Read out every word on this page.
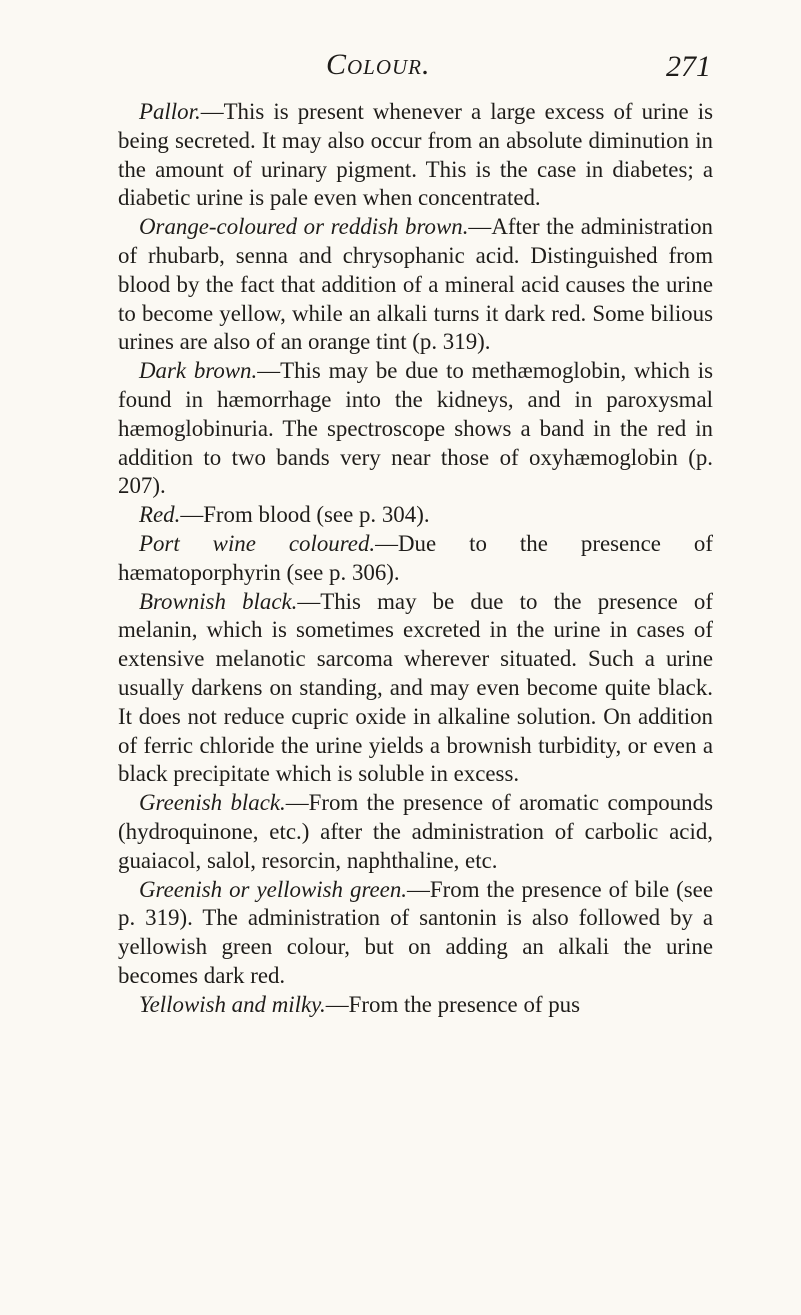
Colour.	271

Pallor.—This is present whenever a large excess of urine is being secreted. It may also occur from an absolute diminution in the amount of urinary pigment. This is the case in diabetes; a diabetic urine is pale even when concentrated.

Orange-coloured or reddish brown.—After the administration of rhubarb, senna and chrysophanic acid. Distinguished from blood by the fact that addition of a mineral acid causes the urine to become yellow, while an alkali turns it dark red. Some bilious urines are also of an orange tint (p. 319).

Dark brown.—This may be due to methæmoglobin, which is found in hæmorrhage into the kidneys, and in paroxysmal hæmoglobinuria. The spectroscope shows a band in the red in addition to two bands very near those of oxyhæmoglobin (p. 207).

Red.—From blood (see p. 304).

Port wine coloured.—Due to the presence of hæmatoporphyrin (see p. 306).

Brownish black.—This may be due to the presence of melanin, which is sometimes excreted in the urine in cases of extensive melanotic sarcoma wherever situated. Such a urine usually darkens on standing, and may even become quite black. It does not reduce cupric oxide in alkaline solution. On addition of ferric chloride the urine yields a brownish turbidity, or even a black precipitate which is soluble in excess.

Greenish black.—From the presence of aromatic compounds (hydroquinone, etc.) after the administration of carbolic acid, guaiacol, salol, resorcin, naphthaline, etc.

Greenish or yellowish green.—From the presence of bile (see p. 319). The administration of santonin is also followed by a yellowish green colour, but on adding an alkali the urine becomes dark red.

Yellowish and milky.—From the presence of pus
